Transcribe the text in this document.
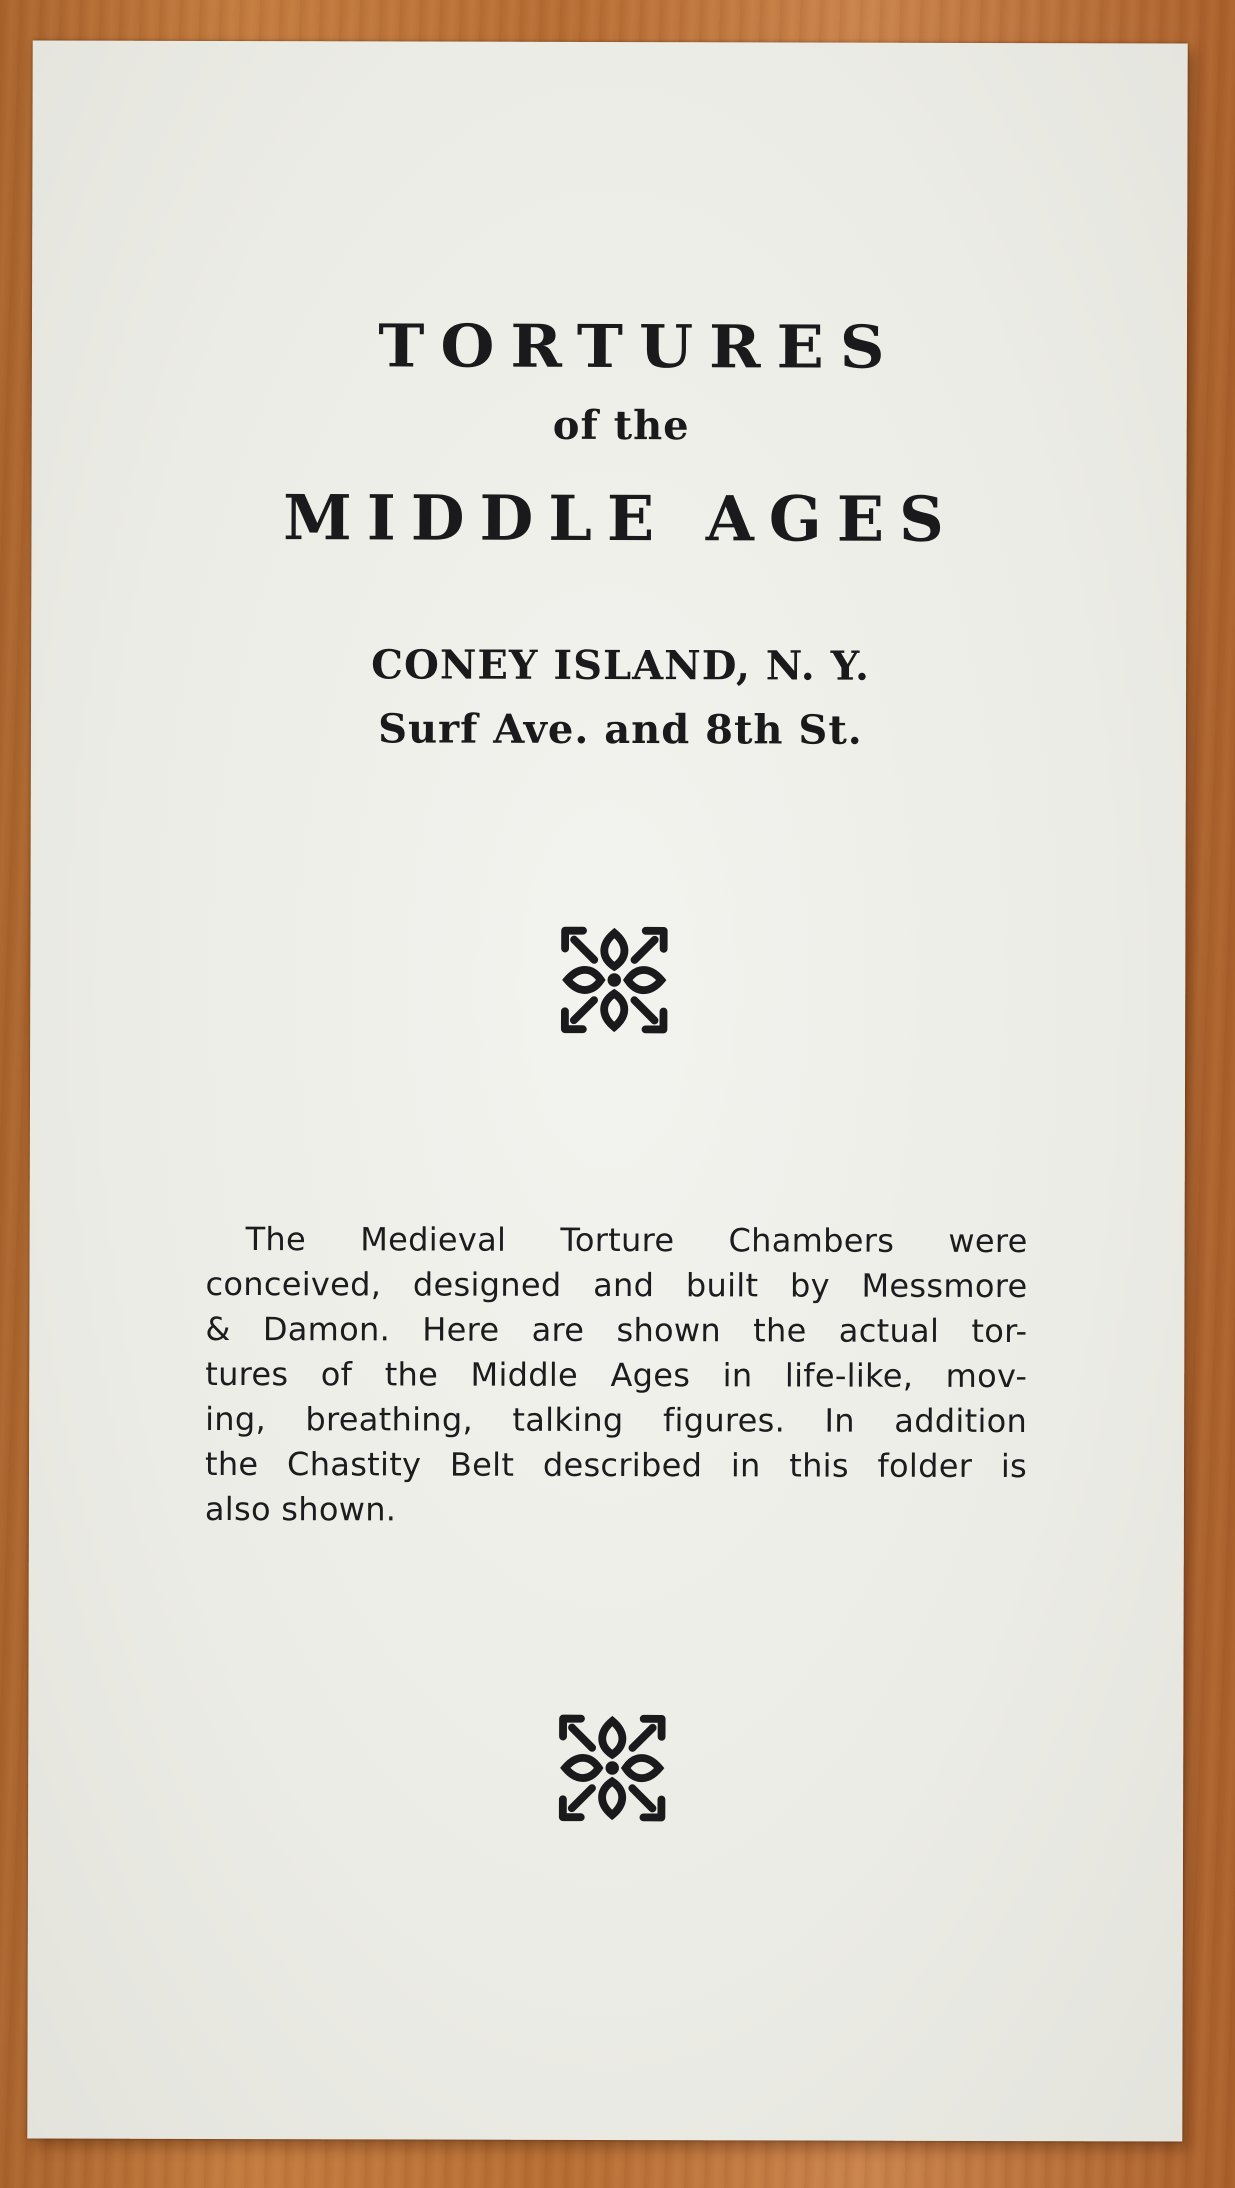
TORTURES
of the
MIDDLE AGES
CONEY ISLAND, N. Y.
Surf Ave. and 8th St.
The Medieval Torture Chambers were
conceived, designed and built by Messmore
& Damon. Here are shown the actual tor-
tures of the Middle Ages in life-like, mov-
ing, breathing, talking figures. In addition
the Chastity Belt described in this folder is
also shown.
